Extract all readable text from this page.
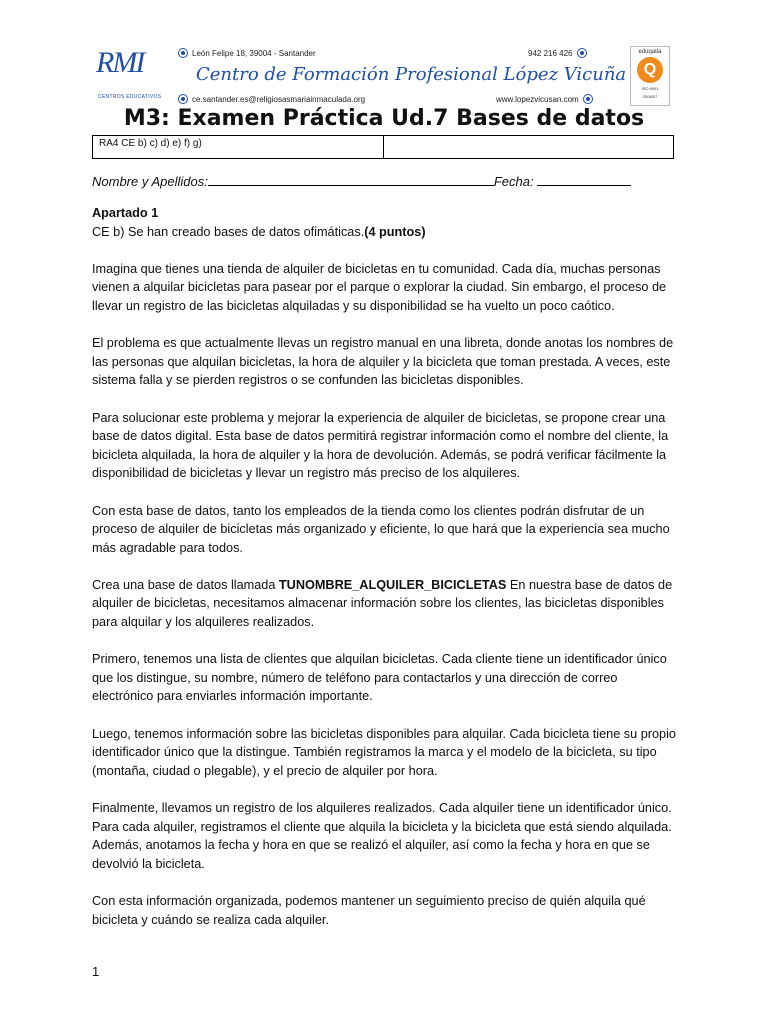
RMI
CENTROS EDUCATIVOS
León Felipe 18, 39004 - Santander	942 216 426
Centro de Formación Profesional López Vicuña
ce.santander.es@religiosasmariainmaculada.org	www.lopezvicusan.com
eduqatia
Q
ISO 9001
2008/07
M3: Examen Práctica Ud.7 Bases de datos
RA4 CE b) c) d) e) f) g)
Nombre y Apellidos:	Fecha:

Apartado 1

CE b) Se han creado bases de datos ofimáticas.(4 puntos)

Imagina que tienes una tienda de alquiler de bicicletas en tu comunidad. Cada día, muchas personas vienen a alquilar bicicletas para pasear por el parque o explorar la ciudad. Sin embargo, el proceso de llevar un registro de las bicicletas alquiladas y su disponibilidad se ha vuelto un poco caótico.

El problema es que actualmente llevas un registro manual en una libreta, donde anotas los nombres de las personas que alquilan bicicletas, la hora de alquiler y la bicicleta que toman prestada. A veces, este sistema falla y se pierden registros o se confunden las bicicletas disponibles.

Para solucionar este problema y mejorar la experiencia de alquiler de bicicletas, se propone crear una base de datos digital. Esta base de datos permitirá registrar información como el nombre del cliente, la bicicleta alquilada, la hora de alquiler y la hora de devolución. Además, se podrá verificar fácilmente la disponibilidad de bicicletas y llevar un registro más preciso de los alquileres.

Con esta base de datos, tanto los empleados de la tienda como los clientes podrán disfrutar de un proceso de alquiler de bicicletas más organizado y eficiente, lo que hará que la experiencia sea mucho más agradable para todos.

Crea una base de datos llamada TUNOMBRE_ALQUILER_BICICLETAS En nuestra base de datos de alquiler de bicicletas, necesitamos almacenar información sobre los clientes, las bicicletas disponibles para alquilar y los alquileres realizados.

Primero, tenemos una lista de clientes que alquilan bicicletas. Cada cliente tiene un identificador único que los distingue, su nombre, número de teléfono para contactarlos y una dirección de correo electrónico para enviarles información importante.

Luego, tenemos información sobre las bicicletas disponibles para alquilar. Cada bicicleta tiene su propio identificador único que la distingue. También registramos la marca y el modelo de la bicicleta, su tipo (montaña, ciudad o plegable), y el precio de alquiler por hora.

Finalmente, llevamos un registro de los alquileres realizados. Cada alquiler tiene un identificador único. Para cada alquiler, registramos el cliente que alquila la bicicleta y la bicicleta que está siendo alquilada. Además, anotamos la fecha y hora en que se realizó el alquiler, así como la fecha y hora en que se devolvió la bicicleta.

Con esta información organizada, podemos mantener un seguimiento preciso de quién alquila qué bicicleta y cuándo se realiza cada alquiler.

1
